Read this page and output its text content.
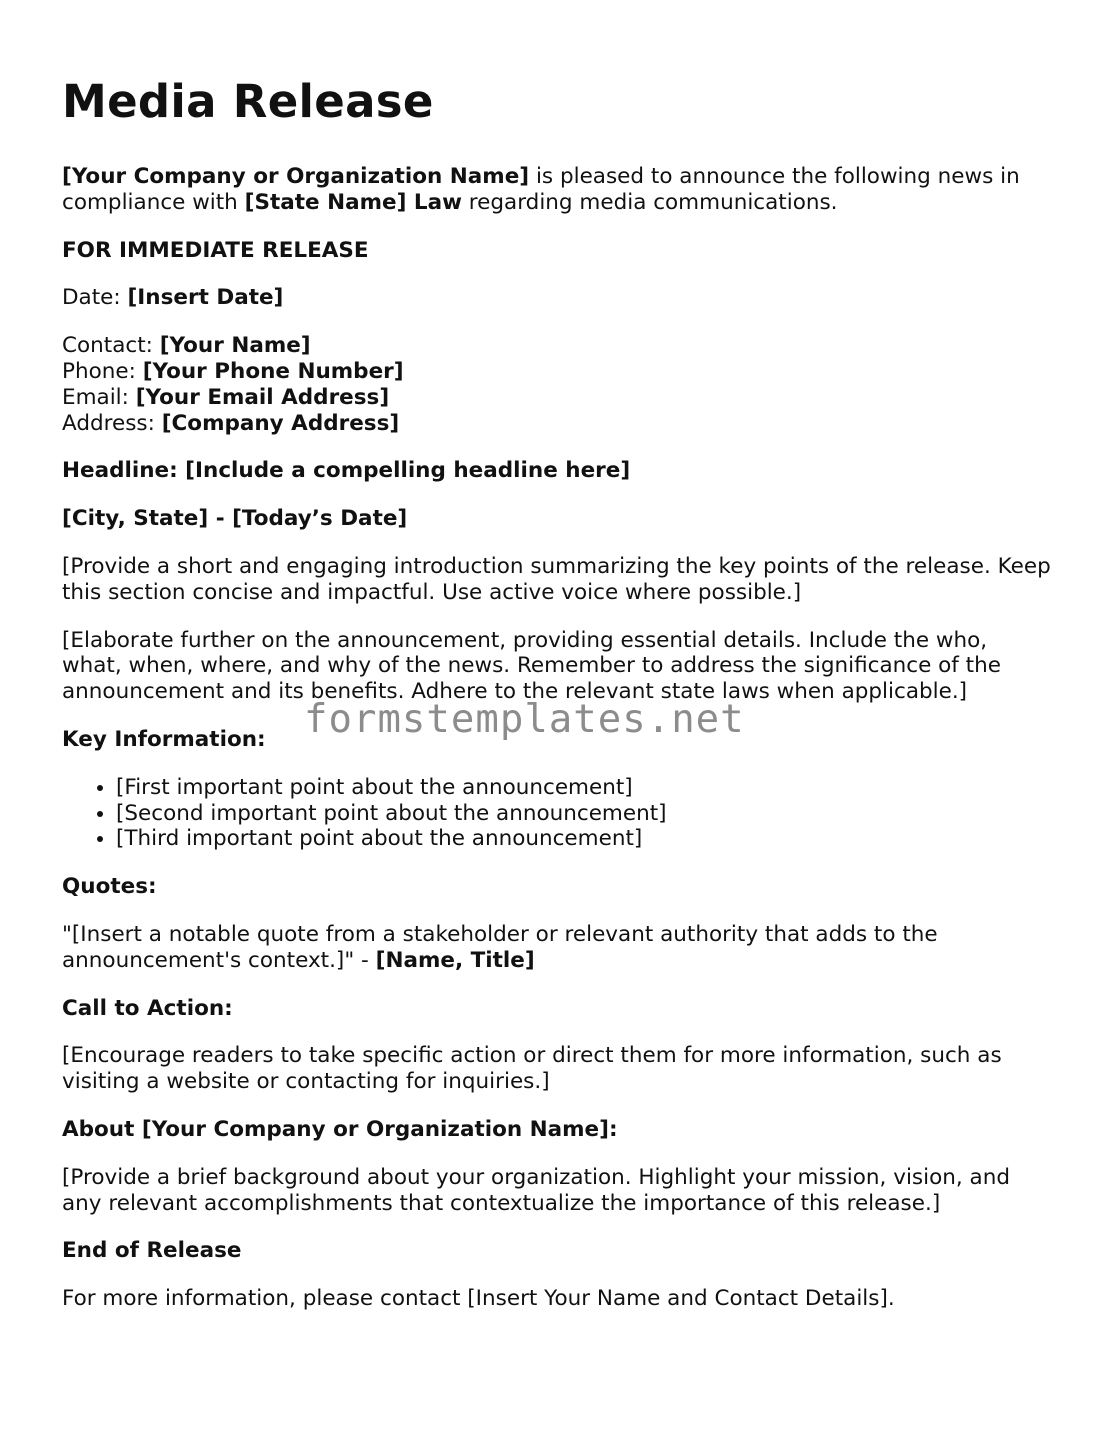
Media Release

[Your Company or Organization Name] is pleased to announce the following news in compliance with [State Name] Law regarding media communications.

FOR IMMEDIATE RELEASE

Date: [Insert Date]

Contact: [Your Name]
Phone: [Your Phone Number]
Email: [Your Email Address]
Address: [Company Address]

Headline: [Include a compelling headline here]

[City, State] - [Today’s Date]

[Provide a short and engaging introduction summarizing the key points of the release. Keep this section concise and impactful. Use active voice where possible.]

[Elaborate further on the announcement, providing essential details. Include the who, what, when, where, and why of the news. Remember to address the significance of the announcement and its benefits. Adhere to the relevant state laws when applicable.]

Key Information:

• [First important point about the announcement]
• [Second important point about the announcement]
• [Third important point about the announcement]

Quotes:

"[Insert a notable quote from a stakeholder or relevant authority that adds to the announcement's context.]" - [Name, Title]

Call to Action:

[Encourage readers to take specific action or direct them for more information, such as visiting a website or contacting for inquiries.]

About [Your Company or Organization Name]:

[Provide a brief background about your organization. Highlight your mission, vision, and any relevant accomplishments that contextualize the importance of this release.]

End of Release

For more information, please contact [Insert Your Name and Contact Details].

formstemplates.net
